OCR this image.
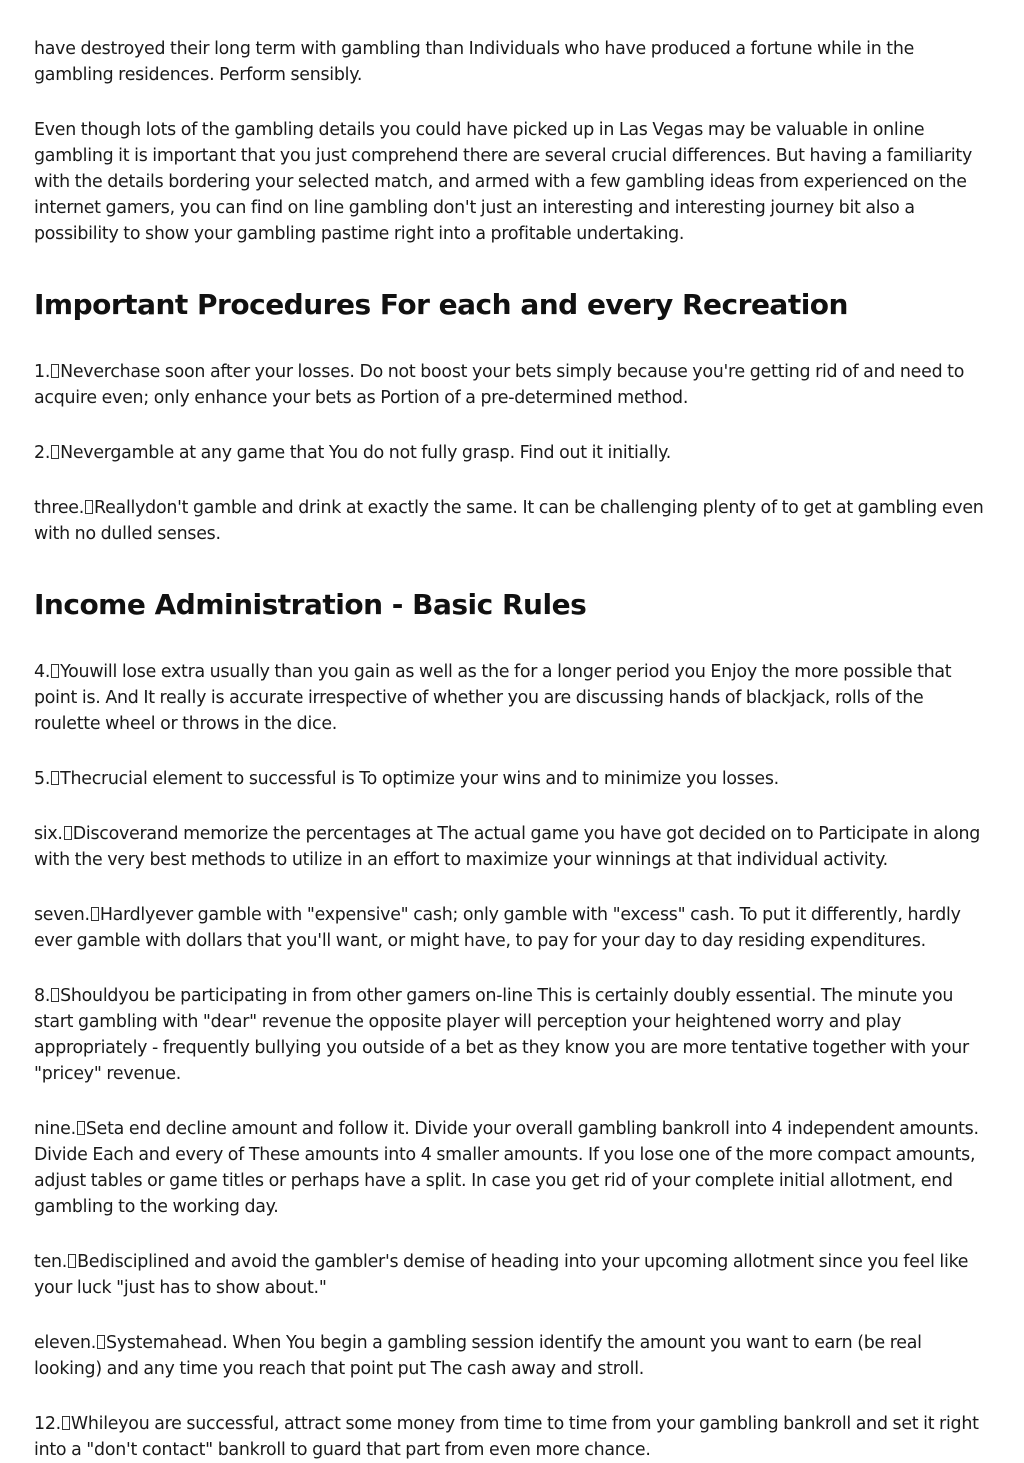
have destroyed their long term with gambling than Individuals who have produced a fortune while in the gambling residences. Perform sensibly.

Even though lots of the gambling details you could have picked up in Las Vegas may be valuable in online gambling it is important that you just comprehend there are several crucial differences. But having a familiarity with the details bordering your selected match, and armed with a few gambling ideas from experienced on the internet gamers, you can find on line gambling don't just an interesting and interesting journey bit also a possibility to show your gambling pastime right into a profitable undertaking.

Important Procedures For each and every Recreation

1. Neverchase soon after your losses. Do not boost your bets simply because you're getting rid of and need to acquire even; only enhance your bets as Portion of a pre-determined method.

2. Nevergamble at any game that You do not fully grasp. Find out it initially.

three. Reallydon't gamble and drink at exactly the same. It can be challenging plenty of to get at gambling even with no dulled senses.

Income Administration - Basic Rules

4. Youwill lose extra usually than you gain as well as the for a longer period you Enjoy the more possible that point is. And It really is accurate irrespective of whether you are discussing hands of blackjack, rolls of the roulette wheel or throws in the dice.

5. Thecrucial element to successful is To optimize your wins and to minimize you losses.

six. Discoverand memorize the percentages at The actual game you have got decided on to Participate in along with the very best methods to utilize in an effort to maximize your winnings at that individual activity.

seven. Hardlyever gamble with "expensive" cash; only gamble with "excess" cash. To put it differently, hardly ever gamble with dollars that you'll want, or might have, to pay for your day to day residing expenditures.

8. Shouldyou be participating in from other gamers on-line This is certainly doubly essential. The minute you start gambling with "dear" revenue the opposite player will perception your heightened worry and play appropriately - frequently bullying you outside of a bet as they know you are more tentative together with your "pricey" revenue.

nine. Seta end decline amount and follow it. Divide your overall gambling bankroll into 4 independent amounts. Divide Each and every of These amounts into 4 smaller amounts. If you lose one of the more compact amounts, adjust tables or game titles or perhaps have a split. In case you get rid of your complete initial allotment, end gambling to the working day.

ten. Bedisciplined and avoid the gambler's demise of heading into your upcoming allotment since you feel like your luck "just has to show about."

eleven. Systemahead. When You begin a gambling session identify the amount you want to earn (be real looking) and any time you reach that point put The cash away and stroll.

12. Whileyou are successful, attract some money from time to time from your gambling bankroll and set it right into a "don't contact" bankroll to guard that part from even more chance.
